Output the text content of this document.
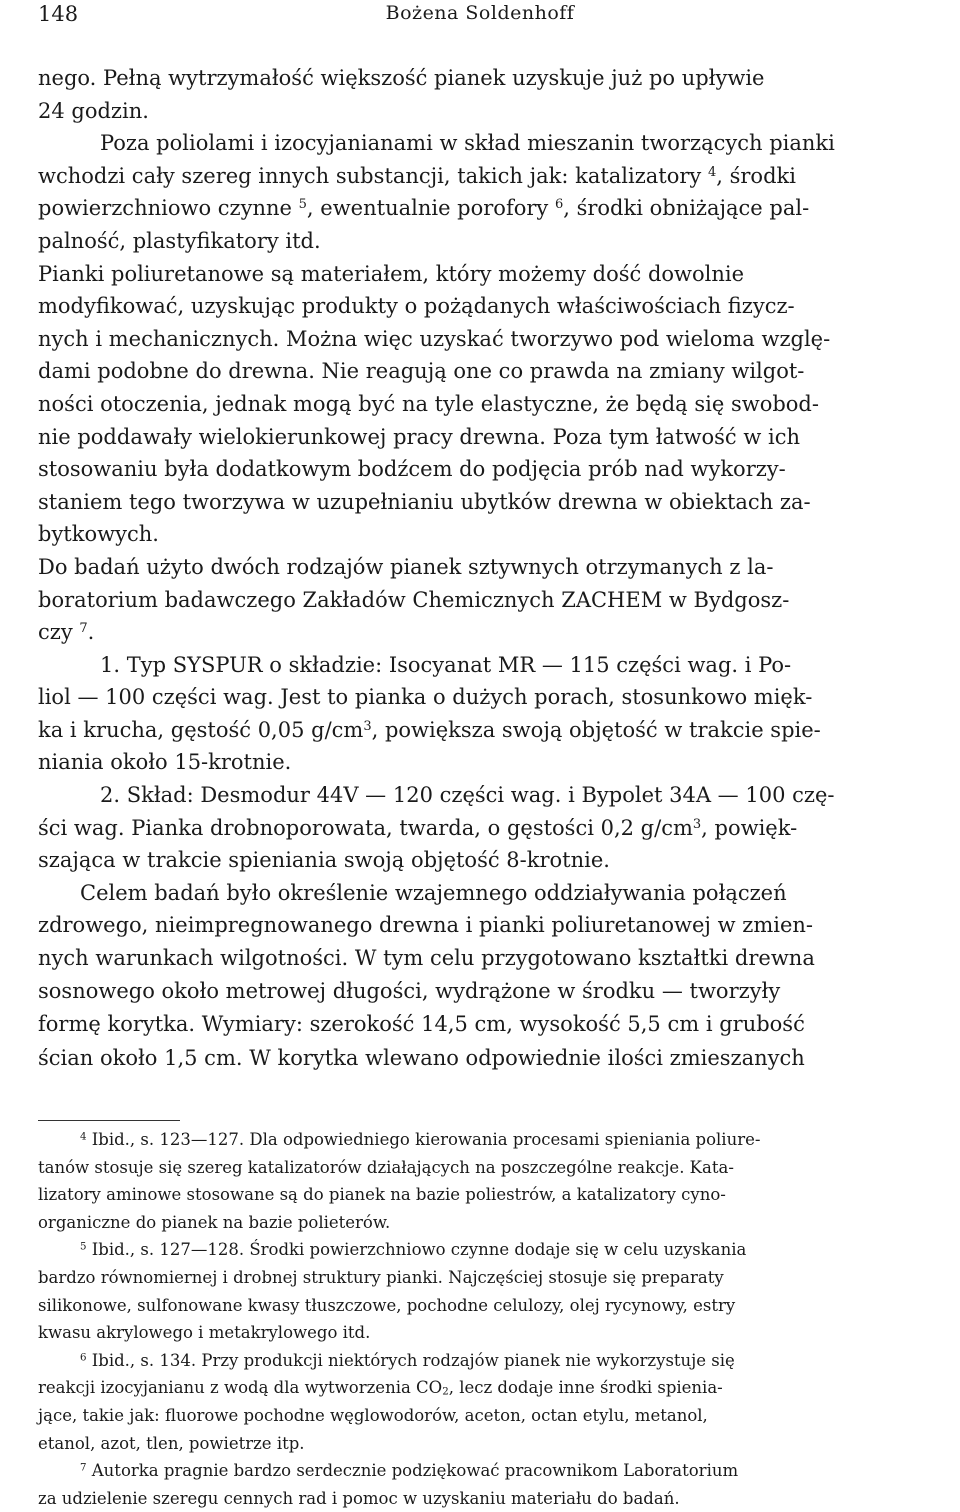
148	Bożena Soldenhoff
nego. Pełną wytrzymałość większość pianek uzyskuje już po upływie
24 godzin.
Poza poliolami i izocyjanianami w skład mieszanin tworzących pianki
wchodzi cały szereg innych substancji, takich jak: katalizatory $^4$, środki
powierzchniowo czynne $^5$, ewentualnie porofory $^6$, środki obniżające pal-
palność, plastyfikatory itd.
Pianki poliuretanowe są materiałem, który możemy dość dowolnie
modyfikować, uzyskując produkty o pożądanych właściwościach fizycz-
nych i mechanicznych. Można więc uzyskać tworzywo pod wieloma wzglę-
dami podobne do drewna. Nie reagują one co prawda na zmiany wilgot-
ności otoczenia, jednak mogą być na tyle elastyczne, że będą się swobod-
nie poddawały wielokierunkowej pracy drewna. Poza tym łatwość w ich
stosowaniu była dodatkowym bodźcem do podjęcia prób nad wykorzy-
staniem tego tworzywa w uzupełnianiu ubytków drewna w obiektach za-
bytkowych.
Do badań użyto dwóch rodzajów pianek sztywnych otrzymanych z la-
boratorium badawczego Zakładów Chemicznych ZACHEM w Bydgosz-
czy $^7$.
1. Typ SYSPUR o składzie: Isocyanat MR — 115 części wag. i Po-
liol — 100 części wag. Jest to pianka o dużych porach, stosunkowo mięk-
ka i krucha, gęstość 0,05 $g/cm^3$, powiększa swoją objętość w trakcie spie-
niania około 15-krotnie.
2. Skład: Desmodur 44V — 120 części wag. i Bypolet 34A — 100 czę-
ści wag. Pianka drobnoporowata, twarda, o gęstości 0,2 $g/cm^3$, powięk-
szająca w trakcie spieniania swoją objętość 8-krotnie.
Celem badań było określenie wzajemnego oddziaływania połączeń
zdrowego, nieimpregnowanego drewna i pianki poliuretanowej w zmien-
nych warunkach wilgotności. W tym celu przygotowano kształtki drewna
sosnowego około metrowej długości, wydrążone w środku — tworzyły
formę korytka. Wymiary: szerokość 14,5 cm, wysokość 5,5 cm i grubość
ścian około 1,5 cm. W korytka wlewano odpowiednie ilości zmieszanych
$^4$ Ibid., s. 123—127. Dla odpowiedniego kierowania procesami spieniania poliure-
tanów stosuje się szereg katalizatorów działających na poszczególne reakcje. Kata-
lizatory aminowe stosowane są do pianek na bazie poliestrów, a katalizatory cyno-
organiczne do pianek na bazie polieterów.
$^5$ Ibid., s. 127—128. Środki powierzchniowo czynne dodaje się w celu uzyskania
bardzo równomiernej i drobnej struktury pianki. Najczęściej stosuje się preparaty
silikonowe, sulfonowane kwasy tłuszczowe, pochodne celulozy, olej rycynowy, estry
kwasu akrylowego i metakrylowego itd.
$^6$ Ibid., s. 134. Przy produkcji niektórych rodzajów pianek nie wykorzystuje się
reakcji izocyjanianu z wodą dla wytworzenia $CO_2$, lecz dodaje inne środki spienia-
jące, takie jak: fluorowe pochodne węglowodorów, aceton, octan etylu, metanol,
etanol, azot, tlen, powietrze itp.
$^7$ Autorka pragnie bardzo serdecznie podziękować pracownikom Laboratorium
za udzielenie szeregu cennych rad i pomoc w uzyskaniu materiału do badań.
